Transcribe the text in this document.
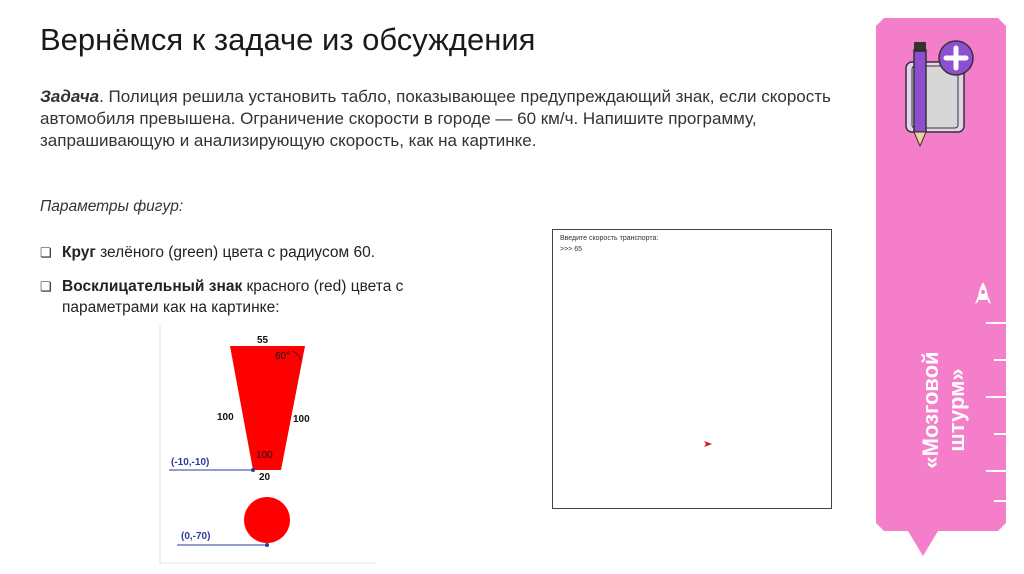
Вернёмся к задаче из обсуждения
Задача. Полиция решила установить табло, показывающее предупреждающий знак, если скорость автомобиля превышена. Ограничение скорости в городе — 60 км/ч. Напишите программу, запрашивающую и анализирующую скорость, как на картинке.
Параметры фигур:
❏ Круг зелёного (green) цвета с радиусом 60.
❏ Восклицательный знак красного (red) цвета с параметрами как на картинке:
55
60°
100	100
100
20
(-10,-10)
(0,-70)
Введите скорость транспорта:
>>> 65
«Мозговой штурм»
